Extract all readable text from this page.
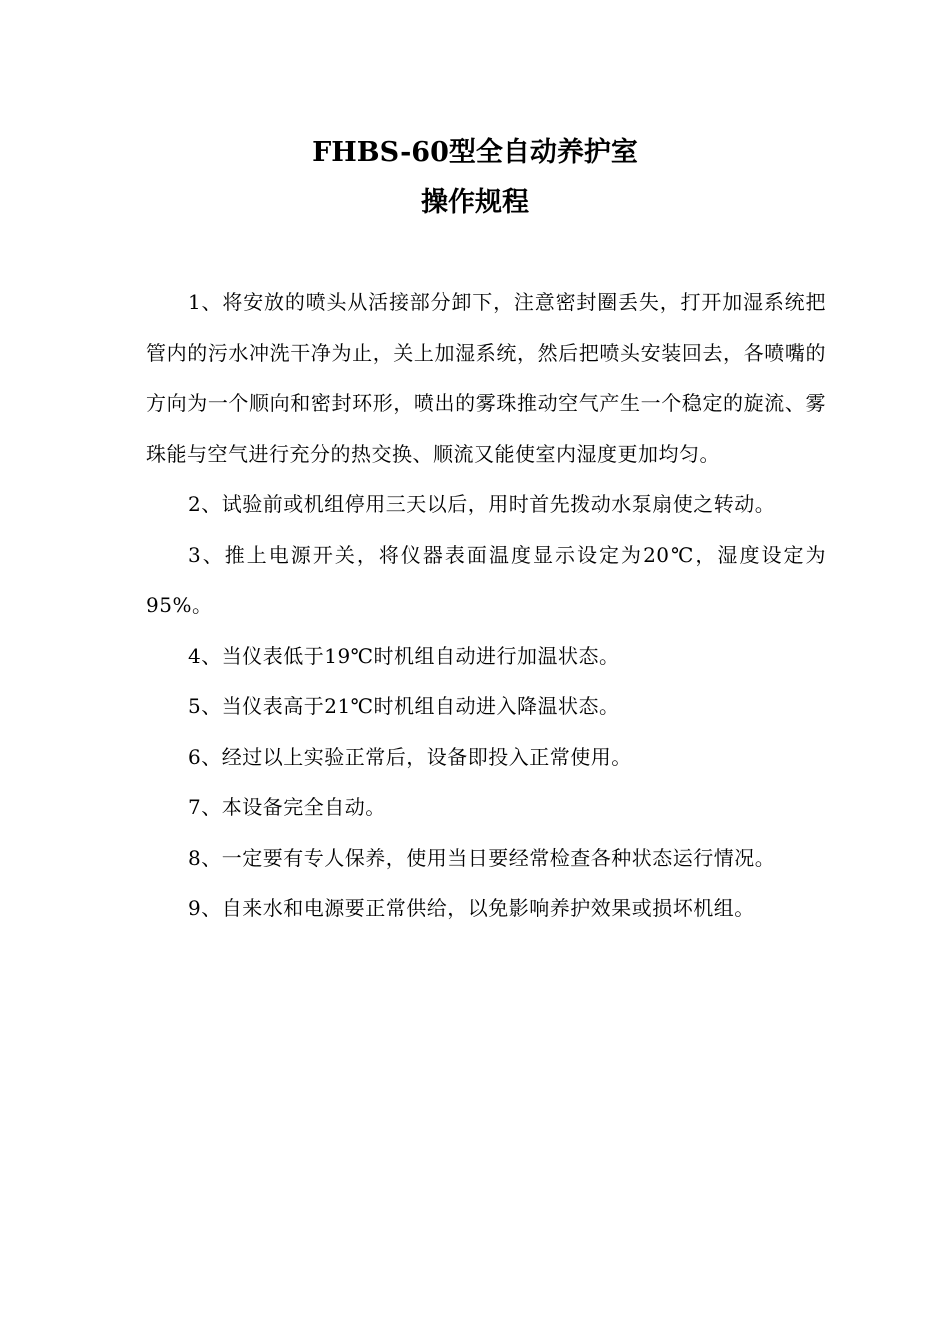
FHBS-60型全自动养护室
操作规程

1、将安放的喷头从活接部分卸下，注意密封圈丢失，打开加湿系统把管内的污水冲洗干净为止，关上加湿系统，然后把喷头安装回去，各喷嘴的方向为一个顺向和密封环形，喷出的雾珠推动空气产生一个稳定的旋流、雾珠能与空气进行充分的热交换、顺流又能使室内湿度更加均匀。

2、试验前或机组停用三天以后，用时首先拨动水泵扇使之转动。

3、推上电源开关，将仪器表面温度显示设定为20℃，湿度设定为95%。

4、当仪表低于19℃时机组自动进行加温状态。

5、当仪表高于21℃时机组自动进入降温状态。

6、经过以上实验正常后，设备即投入正常使用。

7、本设备完全自动。

8、一定要有专人保养，使用当日要经常检查各种状态运行情况。

9、自来水和电源要正常供给，以免影响养护效果或损坏机组。
